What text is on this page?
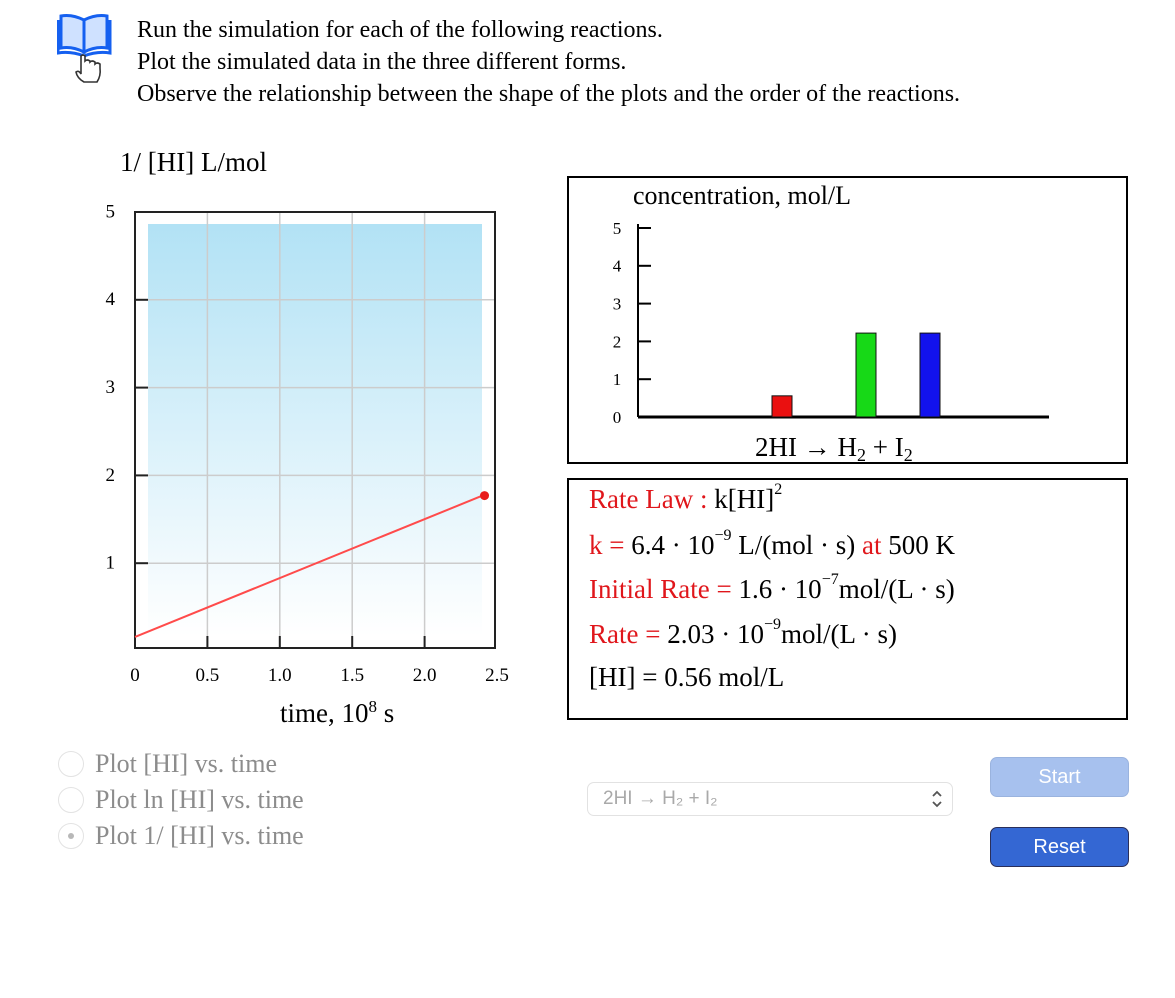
Run the simulation for each of the following reactions.
Plot the simulated data in the three different forms.
Observe the relationship between the shape of the plots and the order of the reactions.
1/ [HI] L/mol
time, $10^8$ s
0	0.5	1.0	1.5	2.0	2.5
1
2
3
4
5
concentration, mol/L
2HI → H2 + I2
0
1
2
3
4
5
Rate Law : k[HI]$^2$
$k = 6.4 \cdot 10^{-9}$ L/(mol · s) at 500 K
Initial Rate = $1.6 \cdot 10^{-7}mol/(L \cdot s)$
Rate = $2.03 \cdot 10^{-9}mol/(L \cdot s)$
[HI] = 0.56 mol/L
Plot [HI] vs. time
Plot ln [HI] vs. time
Plot 1/ [HI] vs. time
2HI → H₂ + I₂
Start
Reset
